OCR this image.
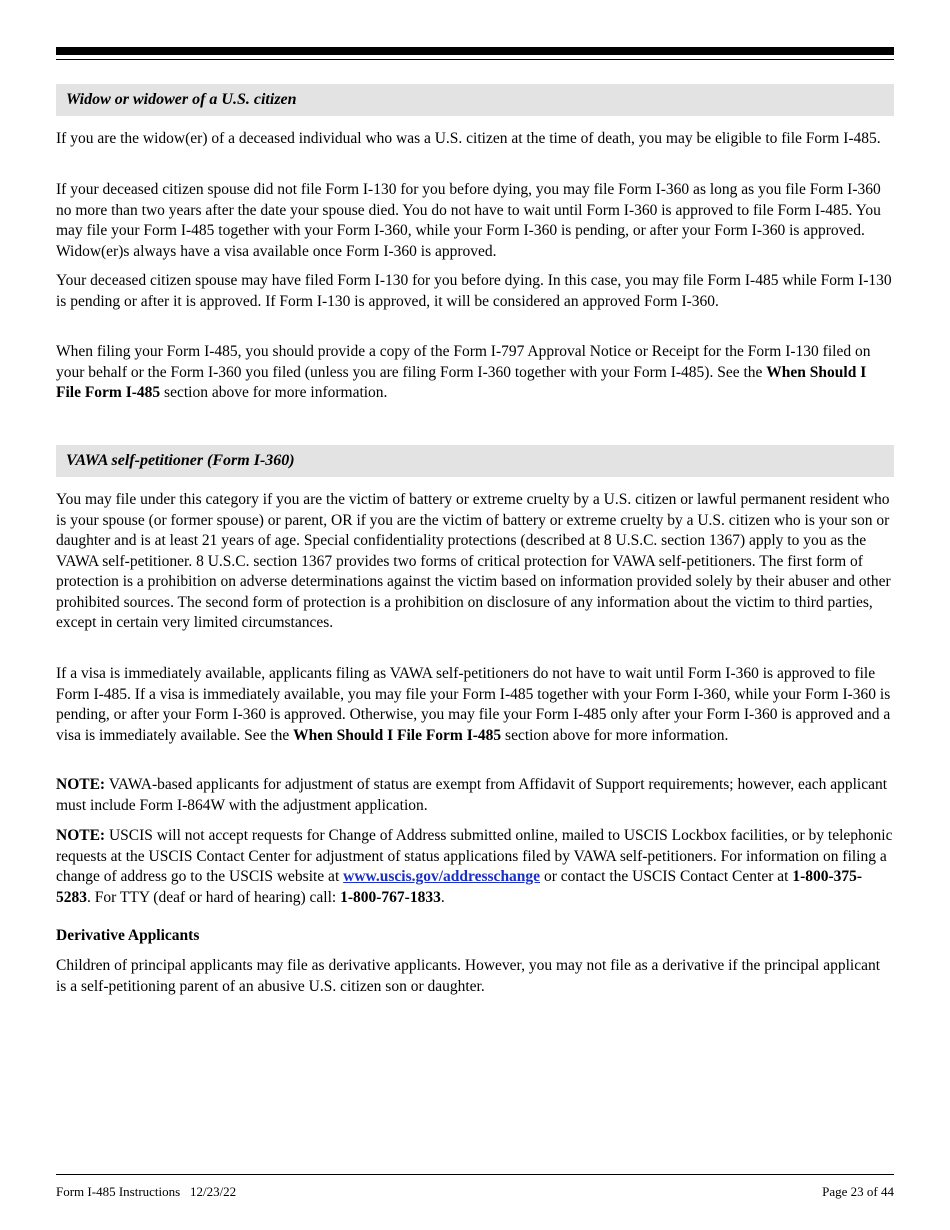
Widow or widower of a U.S. citizen

If you are the widow(er) of a deceased individual who was a U.S. citizen at the time of death, you may be eligible to file Form I-485.

If your deceased citizen spouse did not file Form I-130 for you before dying, you may file Form I-360 as long as you file Form I-360 no more than two years after the date your spouse died. You do not have to wait until Form I-360 is approved to file Form I-485. You may file your Form I-485 together with your Form I-360, while your Form I-360 is pending, or after your Form I-360 is approved. Widow(er)s always have a visa available once Form I-360 is approved.

Your deceased citizen spouse may have filed Form I-130 for you before dying. In this case, you may file Form I-485 while Form I-130 is pending or after it is approved. If Form I-130 is approved, it will be considered an approved Form I-360.

When filing your Form I-485, you should provide a copy of the Form I-797 Approval Notice or Receipt for the Form I-130 filed on your behalf or the Form I-360 you filed (unless you are filing Form I-360 together with your Form I-485). See the When Should I File Form I-485 section above for more information.

VAWA self-petitioner (Form I-360)

You may file under this category if you are the victim of battery or extreme cruelty by a U.S. citizen or lawful permanent resident who is your spouse (or former spouse) or parent, OR if you are the victim of battery or extreme cruelty by a U.S. citizen who is your son or daughter and is at least 21 years of age. Special confidentiality protections (described at 8 U.S.C. section 1367) apply to you as the VAWA self-petitioner. 8 U.S.C. section 1367 provides two forms of critical protection for VAWA self-petitioners. The first form of protection is a prohibition on adverse determinations against the victim based on information provided solely by their abuser and other prohibited sources. The second form of protection is a prohibition on disclosure of any information about the victim to third parties, except in certain very limited circumstances.

If a visa is immediately available, applicants filing as VAWA self-petitioners do not have to wait until Form I-360 is approved to file Form I-485. If a visa is immediately available, you may file your Form I-485 together with your Form I-360, while your Form I-360 is pending, or after your Form I-360 is approved. Otherwise, you may file your Form I-485 only after your Form I-360 is approved and a visa is immediately available. See the When Should I File Form I-485 section above for more information.

NOTE: VAWA-based applicants for adjustment of status are exempt from Affidavit of Support requirements; however, each applicant must include Form I-864W with the adjustment application.

NOTE: USCIS will not accept requests for Change of Address submitted online, mailed to USCIS Lockbox facilities, or by telephonic requests at the USCIS Contact Center for adjustment of status applications filed by VAWA self-petitioners. For information on filing a change of address go to the USCIS website at www.uscis.gov/addresschange or contact the USCIS Contact Center at 1-800-375-5283. For TTY (deaf or hard of hearing) call: 1-800-767-1833.

Derivative Applicants

Children of principal applicants may file as derivative applicants. However, you may not file as a derivative if the principal applicant is a self-petitioning parent of an abusive U.S. citizen son or daughter.

Form I-485 Instructions   12/23/22	Page 23 of 44
